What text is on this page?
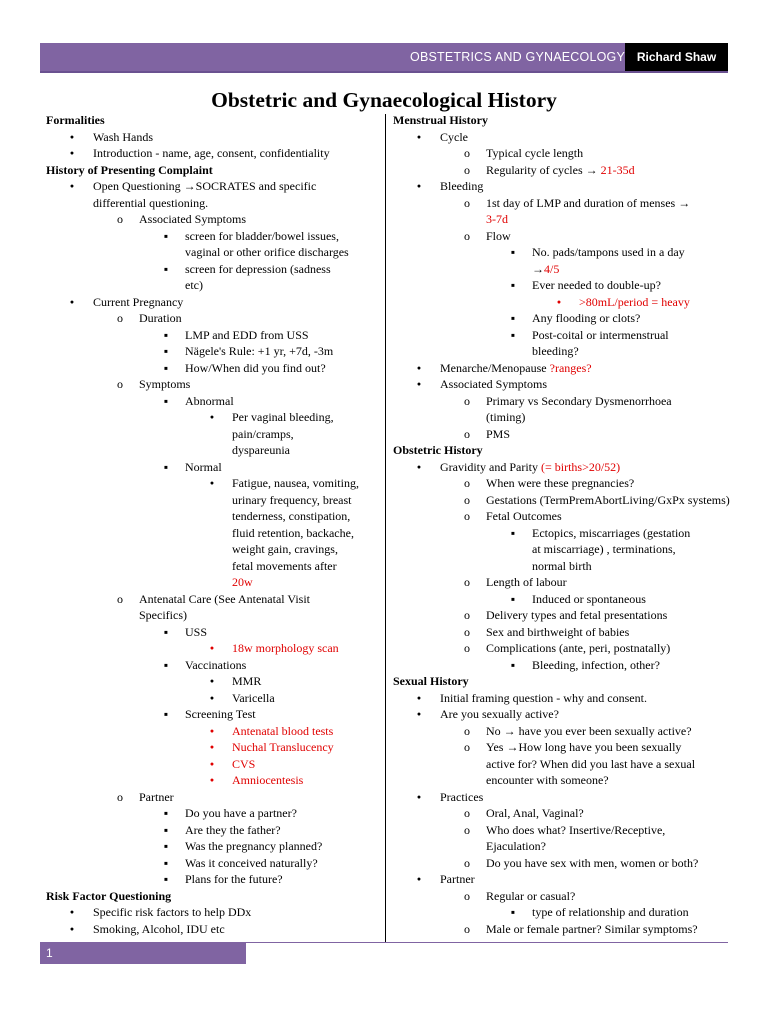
OBSTETRICS AND GYNAECOLOGY Richard Shaw
Obstetric and Gynaecological History
Formalities
●	Wash Hands
●	Introduction - name, age, consent, confidentiality
History of Presenting Complaint
●	Open Questioning →SOCRATES and specific
differential questioning.
o Associated Symptoms
▪	screen for bladder/bowel issues,
vaginal or other orifice discharges
▪	screen for depression (sadness
etc)
●	Current Pregnancy
o Duration
▪	LMP and EDD from USS
▪	Nägele's Rule: +1 yr, +7d, -3m
▪	How/When did you find out?
o Symptoms
▪	Abnormal
●	Per vaginal bleeding,
pain/cramps,
dyspareunia
▪	Normal
●	Fatigue, nausea, vomiting,
urinary frequency, breast
tenderness, constipation,
fluid retention, backache,
weight gain, cravings,
fetal movements after
20w
o Antenatal Care (See Antenatal Visit
Specifics)
▪	USS
●	18w morphology scan
▪	Vaccinations
●	MMR
●	Varicella
▪	Screening Test
●	Antenatal blood tests
●	Nuchal Translucency
●	CVS
●	Amniocentesis
o Partner
▪	Do you have a partner?
▪	Are they the father?
▪	Was the pregnancy planned?
▪	Was it conceived naturally?
▪	Plans for the future?
Risk Factor Questioning
●	Specific risk factors to help DDx
●	Smoking, Alcohol, IDU etc
Menstrual History
●	Cycle
o Typical cycle length
o Regularity of cycles → 21-35d
●	Bleeding
o 1st day of LMP and duration of menses →
3-7d
o Flow
▪	No. pads/tampons used in a day
→4/5
▪	Ever needed to double-up?
●	>80mL/period = heavy
▪	Any flooding or clots?
▪	Post-coital or intermenstrual
bleeding?
●	Menarche/Menopause ?ranges?
●	Associated Symptoms
o Primary vs Secondary Dysmenorrhoea
(timing)
o PMS
Obstetric History
●	Gravidity and Parity (= births>20/52)
o When were these pregnancies?
o Gestations (TermPremAbortLiving/GxPx systems)
o Fetal Outcomes
▪	Ectopics, miscarriages (gestation
at miscarriage) , terminations,
normal birth
o Length of labour
▪	Induced or spontaneous
o Delivery types and fetal presentations
o Sex and birthweight of babies
o Complications (ante, peri, postnatally)
▪	Bleeding, infection, other?
Sexual History
●	Initial framing question - why and consent.
●	Are you sexually active?
o No → have you ever been sexually active?
o Yes →How long have you been sexually
active for? When did you last have a sexual
encounter with someone?
●	Practices
o Oral, Anal, Vaginal?
o Who does what? Insertive/Receptive,
Ejaculation?
o Do you have sex with men, women or both?
●	Partner
o Regular or casual?
▪	type of relationship and duration
o Male or female partner? Similar symptoms?
1
